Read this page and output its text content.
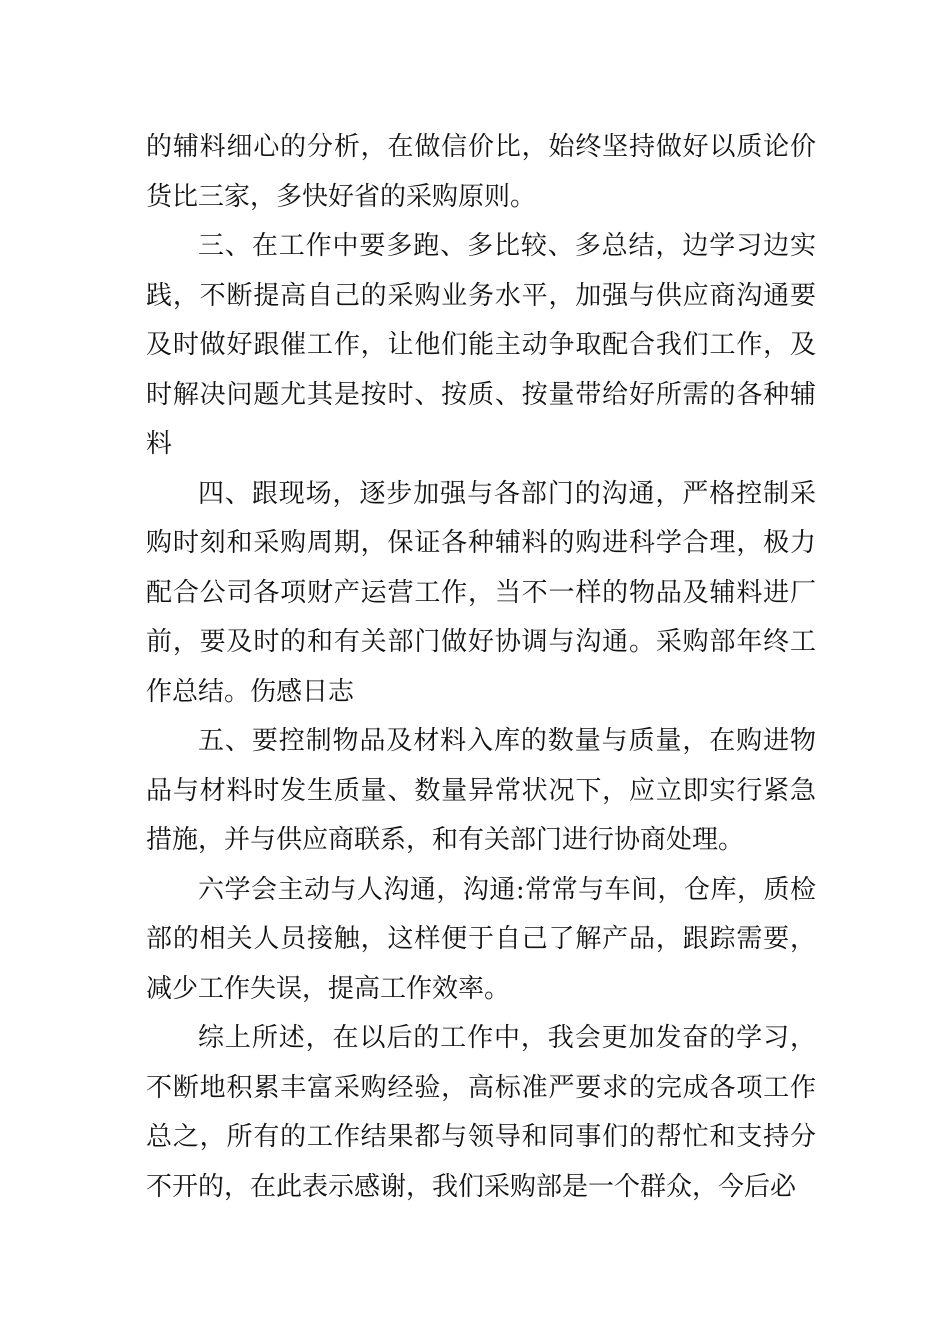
的辅料细心的分析，在做信价比，始终坚持做好以质论价货比三家，多快好省的采购原则。

三、在工作中要多跑、多比较、多总结，边学习边实践，不断提高自己的采购业务水平，加强与供应商沟通要及时做好跟催工作，让他们能主动争取配合我们工作，及时解决问题尤其是按时、按质、按量带给好所需的各种辅料

四、跟现场，逐步加强与各部门的沟通，严格控制采购时刻和采购周期，保证各种辅料的购进科学合理，极力配合公司各项财产运营工作，当不一样的物品及辅料进厂前，要及时的和有关部门做好协调与沟通。采购部年终工作总结。伤感日志

五、要控制物品及材料入库的数量与质量，在购进物品与材料时发生质量、数量异常状况下，应立即实行紧急措施，并与供应商联系，和有关部门进行协商处理。

六学会主动与人沟通，沟通:常常与车间，仓库，质检部的相关人员接触，这样便于自己了解产品，跟踪需要，减少工作失误，提高工作效率。

综上所述，在以后的工作中，我会更加发奋的学习，不断地积累丰富采购经验，高标准严要求的完成各项工作总之，所有的工作结果都与领导和同事们的帮忙和支持分不开的，在此表示感谢，我们采购部是一个群众，今后必
